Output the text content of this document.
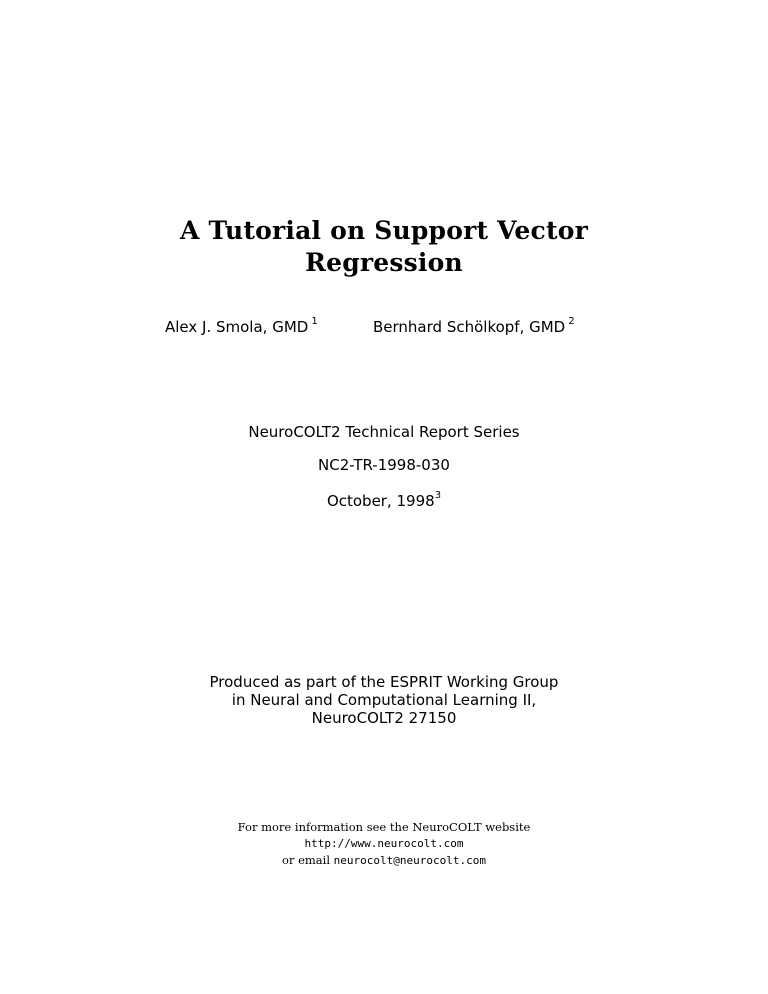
A Tutorial on Support Vector
Regression
Alex J. Smola, GMD $^1$	Bernhard Schölkopf, GMD $^2$
NeuroCOLT2 Technical Report Series
NC2-TR-1998-030
October, 1998$^3$
Produced as part of the ESPRIT Working Group
in Neural and Computational Learning II,
NeuroCOLT2 27150
For more information see the NeuroCOLT website
http://www.neurocolt.com
or email neurocolt@neurocolt.com
